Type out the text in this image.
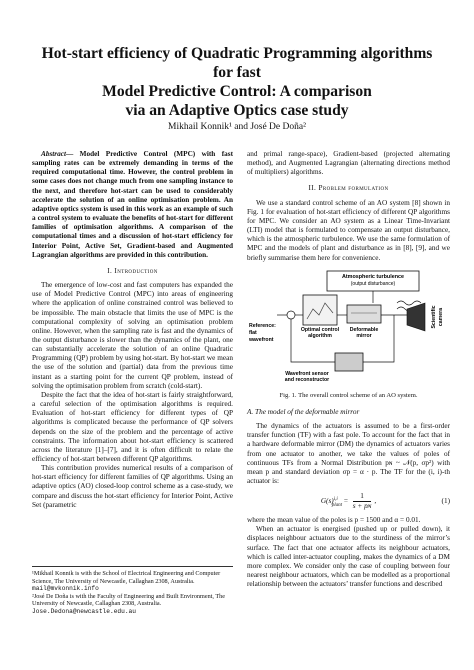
Hot-start efficiency of Quadratic Programming algorithms for fast
Model Predictive Control: A comparison
via an Adaptive Optics case study
Mikhail Konnik¹ and José De Doña²

Abstract— Model Predictive Control (MPC) with fast sampling rates can be extremely demanding in terms of the required computational time. However, the control problem in some cases does not change much from one sampling instance to the next, and therefore hot-start can be used to considerably accelerate the solution of an online optimisation problem. An adaptive optics system is used in this work as an example of such a control system to evaluate the benefits of hot-start for different families of optimisation algorithms. A comparison of the computational times and a discussion of hot-start efficiency for Interior Point, Active Set, Gradient-based and Augmented Lagrangian algorithms are provided in this contribution.

I. Introduction

The emergence of low-cost and fast computers has expanded the use of Model Predictive Control (MPC) into areas of engineering where the application of online constrained control was believed to be impossible. The main obstacle that limits the use of MPC is the computational complexity of solving an optimisation problem online. However, when the sampling rate is fast and the dynamics of the output disturbance is slower than the dynamics of the plant, one can substantially accelerate the solution of an online Quadratic Programming (QP) problem by using hot-start. By hot-start we mean the use of the solution and (partial) data from the previous time instant as a starting point for the current QP problem, instead of solving the optimisation problem from scratch (cold-start).

Despite the fact that the idea of hot-start is fairly straightforward, a careful selection of the optimisation algorithms is required. Evaluation of hot-start efficiency for different types of QP algorithms is complicated because the performance of QP solvers depends on the size of the problem and the percentage of active constraints. The information about hot-start efficiency is scattered across the literature [1]–[7], and it is often difficult to relate the efficiency of hot-start between different QP algorithms.

This contribution provides numerical results of a comparison of hot-start efficiency for different families of QP algorithms. Using an adaptive optics (AO) closed-loop control scheme as a case-study, we compare and discuss the hot-start efficiency for Interior Point, Active Set (parametric

¹Mikhail Konnik is with the School of Electrical Engineering and Computer Science, The University of Newcastle, Callaghan 2308, Australia.
mail@mvkonnik.info
²José De Doña is with the Faculty of Engineering and Built Environment, The University of Newcastle, Callaghan 2308, Australia.
Jose.Dedona@newcastle.edu.au

and primal range-space), Gradient-based (projected alternating method), and Augmented Lagrangian (alternating directions method of multipliers) algorithms.

II. Problem formulation

We use a standard control scheme of an AO system [8] shown in Fig. 1 for evaluation of hot-start efficiency of different QP algorithms for MPC. We consider an AO system as a Linear Time-Invariant (LTI) model that is formulated to compensate an output disturbance, which is the atmospheric turbulence. We use the same formulation of MPC and the models of plant and disturbance as in [8], [9], and we briefly summarise them here for convenience.

Atmospheric turbulence
(output disturbance)
Optimal control
algorithm
Deformable
mirror
Reference:
flat
wavefront
Scientific camera
Wavefront sensor
and reconstructor
Fig. 1. The overall control scheme of an AO system.
A. The model of the deformable mirror

The dynamics of the actuators is assumed to be a first-order transfer function (TF) with a fast pole. To account for the fact that in a hardware deformable mirror (DM) the dynamics of actuators varies from one actuator to another, we take the values of poles of continuous TFs from a Normal Distribution pɴ ~ 𝒩(p, σp²) with mean p and standard deviation σp = α · p. The TF for the (i, i)-th actuator is:

$G(s)^{i,i}_{plant} = \frac{1}{\text{s + pɴ}}$ ,	(1)

where the mean value of the poles is p = 1500 and α = 0.01.

When an actuator is energised (pushed up or pulled down), it displaces neighbour actuators due to the sturdiness of the mirror’s surface. The fact that one actuator affects its neighbour actuators, which is called inter-actuator coupling, makes the dynamics of a DM more complex. We consider only the case of coupling between four nearest neighbour actuators, which can be modelled as a proportional relationship between the actuators’ transfer functions and described
